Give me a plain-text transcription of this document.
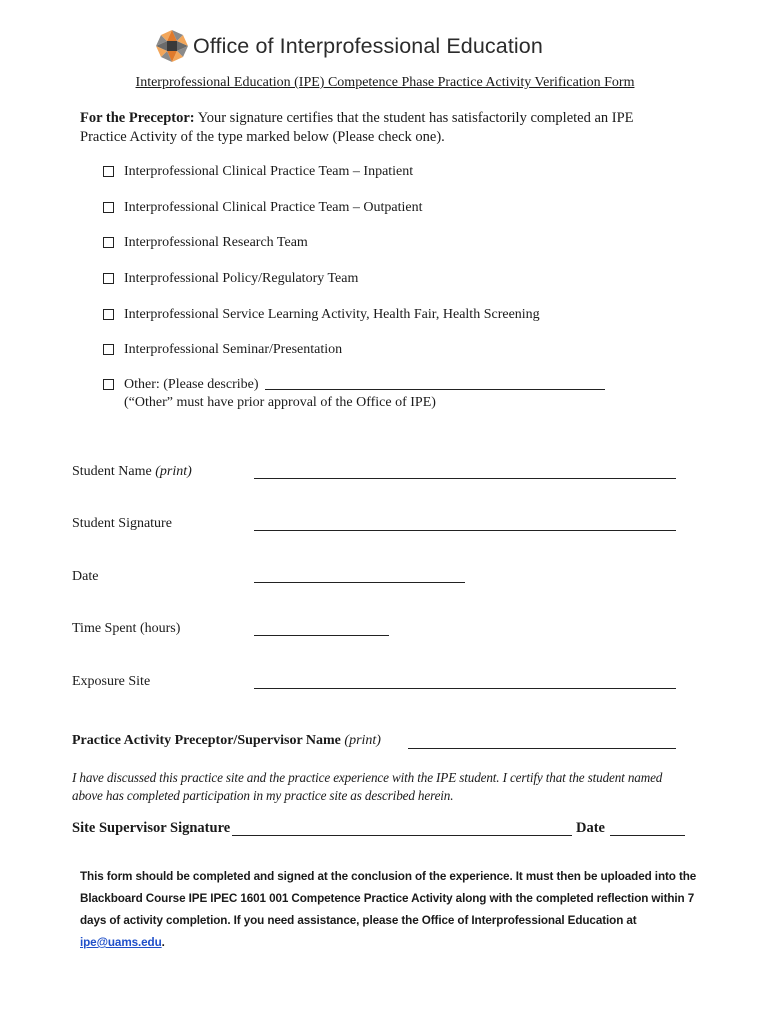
Office of Interprofessional Education
Interprofessional Education (IPE) Competence Phase Practice Activity Verification Form
For the Preceptor: Your signature certifies that the student has satisfactorily completed an IPE Practice Activity of the type marked below (Please check one).
Interprofessional Clinical Practice Team – Inpatient
Interprofessional Clinical Practice Team – Outpatient
Interprofessional Research Team
Interprofessional Policy/Regulatory Team
Interprofessional Service Learning Activity, Health Fair, Health Screening
Interprofessional Seminar/Presentation
Other: (Please describe)
(“Other” must have prior approval of the Office of IPE)
Student Name (print)
Student Signature
Date
Time Spent (hours)
Exposure Site
Practice Activity Preceptor/Supervisor Name (print)
I have discussed this practice site and the practice experience with the IPE student. I certify that the student named above has completed participation in my practice site as described herein.
Site Supervisor Signature	Date
This form should be completed and signed at the conclusion of the experience. It must then be uploaded into the Blackboard Course IPE IPEC 1601 001 Competence Practice Activity along with the completed reflection within 7 days of activity completion. If you need assistance, please the Office of Interprofessional Education at ipe@uams.edu.
